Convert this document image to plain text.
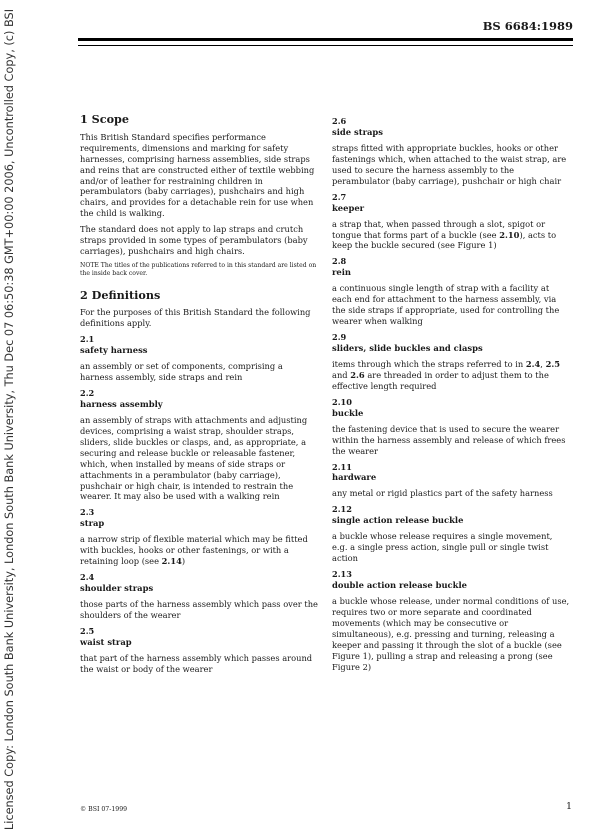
Licensed Copy: London South Bank University, London South Bank University, Thu Dec 07 06:50:38 GMT+00:00 2006, Uncontrolled Copy, (c) BSI	BS 6684:1989
1 Scope

This British Standard specifies performance requirements, dimensions and marking for safety harnesses, comprising harness assemblies, side straps and reins that are constructed either of textile webbing and/or of leather for restraining children in perambulators (baby carriages), pushchairs and high chairs, and provides for a detachable rein for use when the child is walking.

The standard does not apply to lap straps and crutch straps provided in some types of perambulators (baby carriages), pushchairs and high chairs.

NOTE The titles of the publications referred to in this standard are listed on the inside back cover.

2 Definitions

For the purposes of this British Standard the following definitions apply.

2.1

safety harness

an assembly or set of components, comprising a harness assembly, side straps and rein

2.2

harness assembly

an assembly of straps with attachments and adjusting devices, comprising a waist strap, shoulder straps, sliders, slide buckles or clasps, and, as appropriate, a securing and release buckle or releasable fastener, which, when installed by means of side straps or attachments in a perambulator (baby carriage), pushchair or high chair, is intended to restrain the wearer. It may also be used with a walking rein

2.3

strap

a narrow strip of flexible material which may be fitted with buckles, hooks or other fastenings, or with a retaining loop (see 2.14)

2.4

shoulder straps

those parts of the harness assembly which pass over the shoulders of the wearer

2.5

waist strap

that part of the harness assembly which passes around the waist or body of the wearer

2.6

side straps

straps fitted with appropriate buckles, hooks or other fastenings which, when attached to the waist strap, are used to secure the harness assembly to the perambulator (baby carriage), pushchair or high chair

2.7

keeper

a strap that, when passed through a slot, spigot or tongue that forms part of a buckle (see 2.10), acts to keep the buckle secured (see Figure 1)

2.8

rein

a continuous single length of strap with a facility at each end for attachment to the harness assembly, via the side straps if appropriate, used for controlling the wearer when walking

2.9

sliders, slide buckles and clasps

items through which the straps referred to in 2.4, 2.5 and 2.6 are threaded in order to adjust them to the effective length required

2.10

buckle

the fastening device that is used to secure the wearer within the harness assembly and release of which frees the wearer

2.11

hardware

any metal or rigid plastics part of the safety harness

2.12

single action release buckle

a buckle whose release requires a single movement, e.g. a single press action, single pull or single twist action

2.13

double action release buckle

a buckle whose release, under normal conditions of use, requires two or more separate and coordinated movements (which may be consecutive or simultaneous), e.g. pressing and turning, releasing a keeper and passing it through the slot of a buckle (see Figure 1), pulling a strap and releasing a prong (see Figure 2)

© BSI 07-1999	1
